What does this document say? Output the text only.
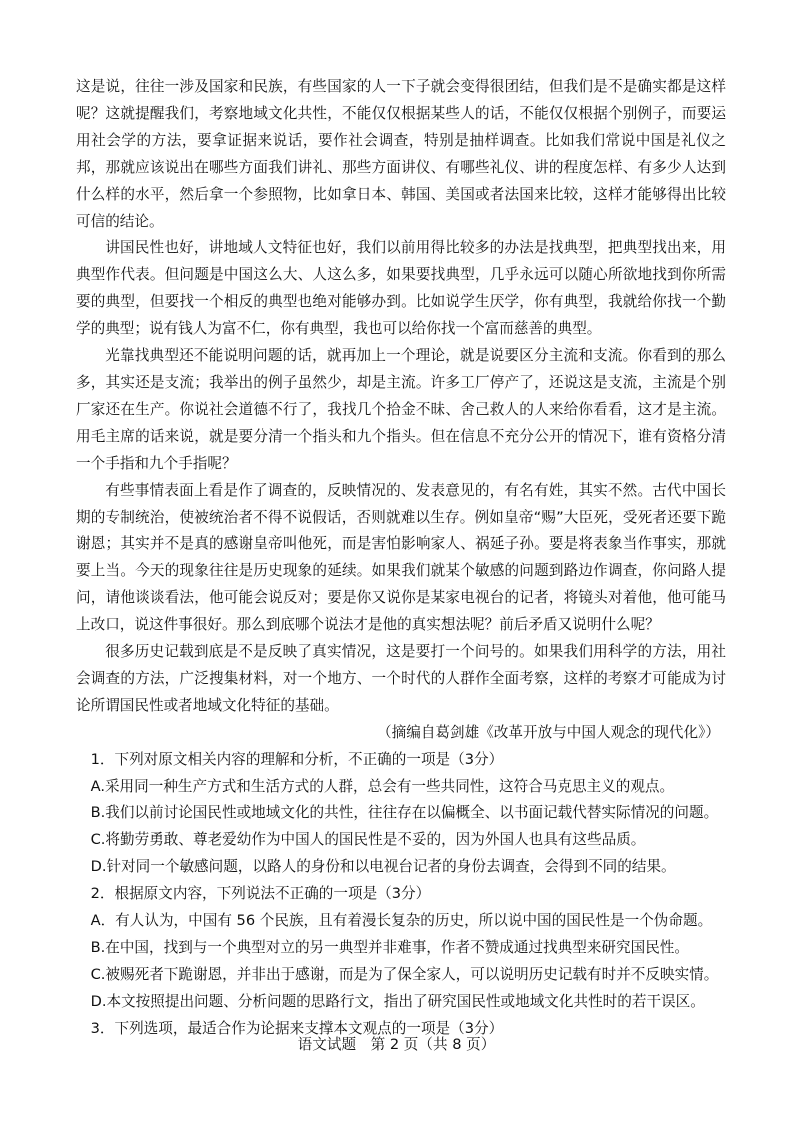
这是说，往往一涉及国家和民族，有些国家的人一下子就会变得很团结，但我们是不是确实都是这样呢？这就提醒我们，考察地域文化共性，不能仅仅根据某些人的话，不能仅仅根据个别例子，而要运用社会学的方法，要拿证据来说话，要作社会调查，特别是抽样调查。比如我们常说中国是礼仪之邦，那就应该说出在哪些方面我们讲礼、那些方面讲仪、有哪些礼仪、讲的程度怎样、有多少人达到什么样的水平，然后拿一个参照物，比如拿日本、韩国、美国或者法国来比较，这样才能够得出比较可信的结论。

讲国民性也好，讲地域人文特征也好，我们以前用得比较多的办法是找典型，把典型找出来，用典型作代表。但问题是中国这么大、人这么多，如果要找典型，几乎永远可以随心所欲地找到你所需要的典型，但要找一个相反的典型也绝对能够办到。比如说学生厌学，你有典型，我就给你找一个勤学的典型；说有钱人为富不仁，你有典型，我也可以给你找一个富而慈善的典型。

光靠找典型还不能说明问题的话，就再加上一个理论，就是说要区分主流和支流。你看到的那么多，其实还是支流；我举出的例子虽然少，却是主流。许多工厂停产了，还说这是支流，主流是个别厂家还在生产。你说社会道德不行了，我找几个拾金不昧、舍己救人的人来给你看看，这才是主流。用毛主席的话来说，就是要分清一个指头和九个指头。但在信息不充分公开的情况下，谁有资格分清一个手指和九个手指呢？

有些事情表面上看是作了调查的，反映情况的、发表意见的，有名有姓，其实不然。古代中国长期的专制统治，使被统治者不得不说假话，否则就难以生存。例如皇帝“赐”大臣死，受死者还要下跪谢恩；其实并不是真的感谢皇帝叫他死，而是害怕影响家人、祸延子孙。要是将表象当作事实，那就要上当。今天的现象往往是历史现象的延续。如果我们就某个敏感的问题到路边作调查，你问路人提问，请他谈谈看法，他可能会说反对；要是你又说你是某家电视台的记者，将镜头对着他，他可能马上改口，说这件事很好。那么到底哪个说法才是他的真实想法呢？前后矛盾又说明什么呢？

很多历史记载到底是不是反映了真实情况，这是要打一个问号的。如果我们用科学的方法，用社会调查的方法，广泛搜集材料，对一个地方、一个时代的人群作全面考察，这样的考察才可能成为讨论所谓国民性或者地域文化特征的基础。

（摘编自葛剑雄《改革开放与中国人观念的现代化》）

1．下列对原文相关内容的理解和分析，不正确的一项是（3分）

A.采用同一种生产方式和生活方式的人群，总会有一些共同性，这符合马克思主义的观点。

B.我们以前讨论国民性或地域文化的共性，往往存在以偏概全、以书面记载代替实际情况的问题。

C.将勤劳勇敢、尊老爱幼作为中国人的国民性是不妥的，因为外国人也具有这些品质。

D.针对同一个敏感问题，以路人的身份和以电视台记者的身份去调查，会得到不同的结果。

2．根据原文内容，下列说法不正确的一项是（3分）

A．有人认为，中国有 56 个民族，且有着漫长复杂的历史，所以说中国的国民性是一个伪命题。

B.在中国，找到与一个典型对立的另一典型并非难事，作者不赞成通过找典型来研究国民性。

C.被赐死者下跪谢恩，并非出于感谢，而是为了保全家人，可以说明历史记载有时并不反映实情。

D.本文按照提出问题、分析问题的思路行文，指出了研究国民性或地域文化共性时的若干误区。

3．下列选项，最适合作为论据来支撑本文观点的一项是（3分）

语文试题　第 2 页（共 8 页）
